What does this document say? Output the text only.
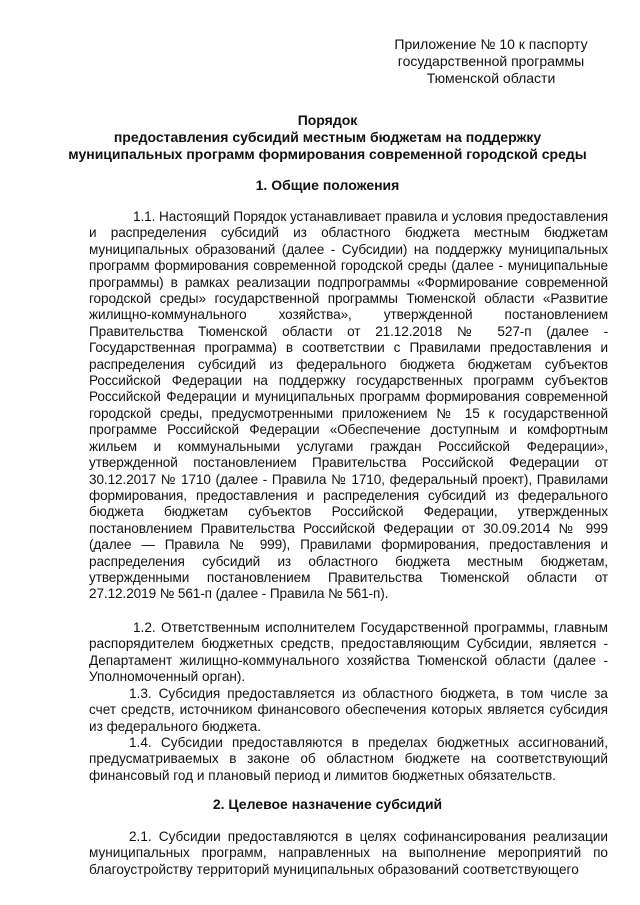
Приложение № 10 к паспорту
государственной программы
Тюменской области
Порядок
предоставления субсидий местным бюджетам на поддержку
муниципальных программ формирования современной городской среды
1. Общие положения

1.1. Настоящий Порядок устанавливает правила и условия предоставления и распределения субсидий из областного бюджета местным бюджетам муниципальных образований (далее - Субсидии) на поддержку муниципальных программ формирования современной городской среды (далее - муниципальные программы) в рамках реализации подпрограммы «Формирование современной городской среды» государственной программы Тюменской области «Развитие жилищно-коммунального хозяйства», утвержденной постановлением Правительства Тюменской области от 21.12.2018 № 527-п (далее - Государственная программа) в соответствии с Правилами предоставления и распределения субсидий из федерального бюджета бюджетам субъектов Российской Федерации на поддержку государственных программ субъектов Российской Федерации и муниципальных программ формирования современной городской среды, предусмотренными приложением № 15 к государственной программе Российской Федерации «Обеспечение доступным и комфортным жильем и коммунальными услугами граждан Российской Федерации», утвержденной постановлением Правительства Российской Федерации от 30.12.2017 № 1710 (далее - Правила № 1710, федеральный проект), Правилами формирования, предоставления и распределения субсидий из федерального бюджета бюджетам субъектов Российской Федерации, утвержденных постановлением Правительства Российской Федерации от 30.09.2014 № 999 (далее — Правила № 999), Правилами формирования, предоставления и распределения субсидий из областного бюджета местным бюджетам, утвержденными постановлением Правительства Тюменской области от 27.12.2019 № 561-п (далее - Правила № 561-п).

1.2. Ответственным исполнителем Государственной программы, главным распорядителем бюджетных средств, предоставляющим Субсидии, является - Департамент жилищно-коммунального хозяйства Тюменской области (далее - Уполномоченный орган).

1.3. Субсидия предоставляется из областного бюджета, в том числе за счет средств, источником финансового обеспечения которых является субсидия из федерального бюджета.

1.4. Субсидии предоставляются в пределах бюджетных ассигнований, предусматриваемых в законе об областном бюджете на соответствующий финансовый год и плановый период и лимитов бюджетных обязательств.

2. Целевое назначение субсидий

2.1. Субсидии предоставляются в целях софинансирования реализации муниципальных программ, направленных на выполнение мероприятий по благоустройству территорий муниципальных образований соответствующего
